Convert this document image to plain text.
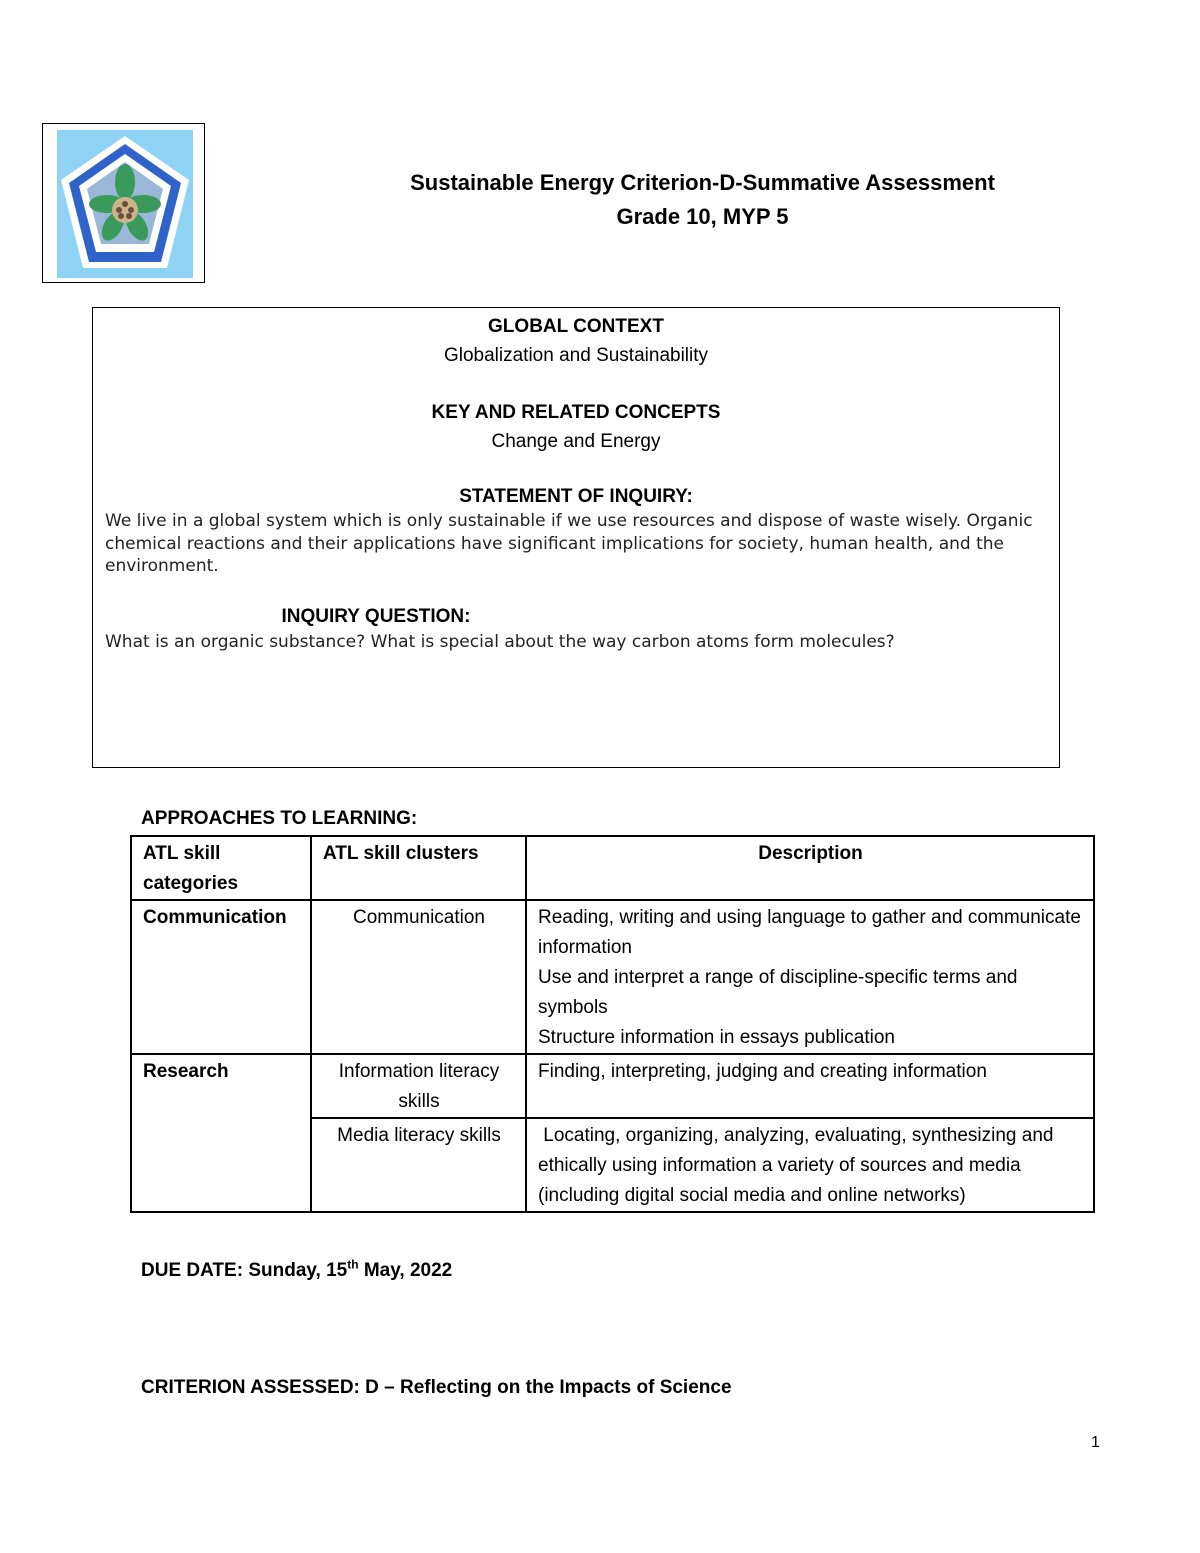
Sustainable Energy Criterion-D-Summative Assessment
Grade 10, MYP 5
GLOBAL CONTEXT
Globalization and Sustainability
KEY AND RELATED CONCEPTS
Change and Energy
STATEMENT OF INQUIRY:
We live in a global system which is only sustainable if we use resources and dispose of waste wisely. Organic chemical reactions and their applications have significant implications for society, human health, and the environment.
INQUIRY QUESTION:
What is an organic substance? What is special about the way carbon atoms form molecules?
APPROACHES TO LEARNING:
ATL skill categories	ATL skill clusters	Description
Communication	Communication	Reading, writing and using language to gather and communicate information
Use and interpret a range of discipline-specific terms and symbols
Structure information in essays publication

Research	Information literacy skills	Finding, interpreting, judging and creating information

	Media literacy skills	Locating, organizing, analyzing, evaluating, synthesizing and ethically using information a variety of sources and media (including digital social media and online networks)
DUE DATE: Sunday, 15th May, 2022
CRITERION ASSESSED: D – Reflecting on the Impacts of Science
1
